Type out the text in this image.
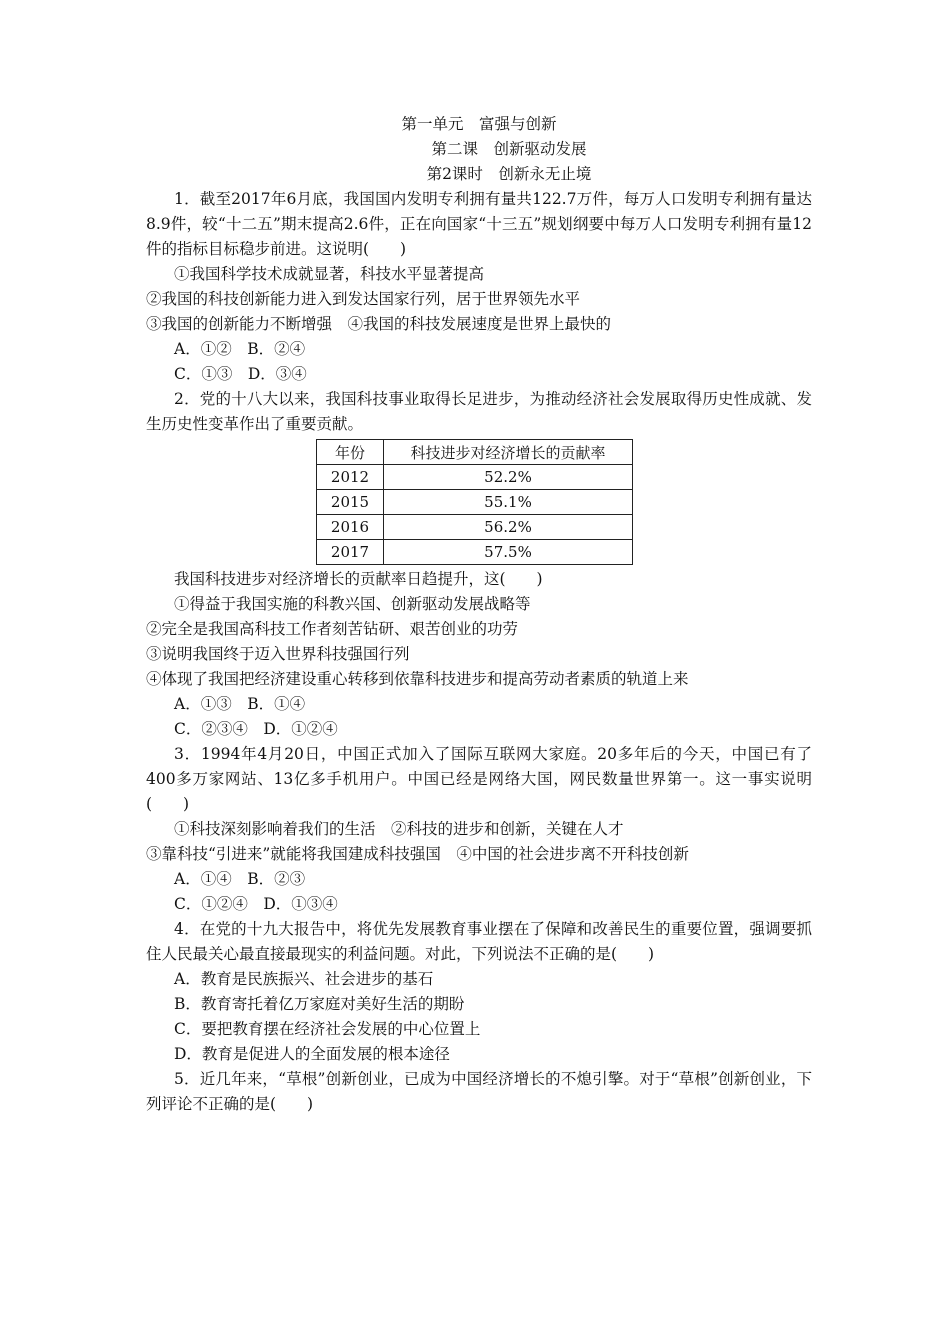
第一单元　富强与创新
第二课　创新驱动发展
第2课时　创新永无止境
1．截至2017年6月底，我国国内发明专利拥有量共122.7万件，每万人口发明专利拥有量达8.9件，较“十二五”期末提高2.6件，正在向国家“十三五”规划纲要中每万人口发明专利拥有量12件的指标目标稳步前进。这说明(　　)
①我国科学技术成就显著，科技水平显著提高
②我国的科技创新能力进入到发达国家行列，居于世界领先水平
③我国的创新能力不断增强　④我国的科技发展速度是世界上最快的
A．①②　B．②④
C．①③　D．③④
2．党的十八大以来，我国科技事业取得长足进步，为推动经济社会发展取得历史性成就、发生历史性变革作出了重要贡献。
年份	科技进步对经济增长的贡献率
2012	52.2%
2015	55.1%
2016	56.2%
2017	57.5%
我国科技进步对经济增长的贡献率日趋提升，这(　　)
①得益于我国实施的科教兴国、创新驱动发展战略等
②完全是我国高科技工作者刻苦钻研、艰苦创业的功劳
③说明我国终于迈入世界科技强国行列
④体现了我国把经济建设重心转移到依靠科技进步和提高劳动者素质的轨道上来
A．①③　B．①④
C．②③④　D．①②④
3．1994年4月20日，中国正式加入了国际互联网大家庭。20多年后的今天，中国已有了400多万家网站、13亿多手机用户。中国已经是网络大国，网民数量世界第一。这一事实说明(　　)
①科技深刻影响着我们的生活　②科技的进步和创新，关键在人才
③靠科技“引进来”就能将我国建成科技强国　④中国的社会进步离不开科技创新
A．①④　B．②③
C．①②④　D．①③④
4．在党的十九大报告中，将优先发展教育事业摆在了保障和改善民生的重要位置，强调要抓住人民最关心最直接最现实的利益问题。对此，下列说法不正确的是(　　)
A．教育是民族振兴、社会进步的基石
B．教育寄托着亿万家庭对美好生活的期盼
C．要把教育摆在经济社会发展的中心位置上
D．教育是促进人的全面发展的根本途径
5．近几年来，“草根”创新创业，已成为中国经济增长的不熄引擎。对于“草根”创新创业，下列评论不正确的是(　　)
